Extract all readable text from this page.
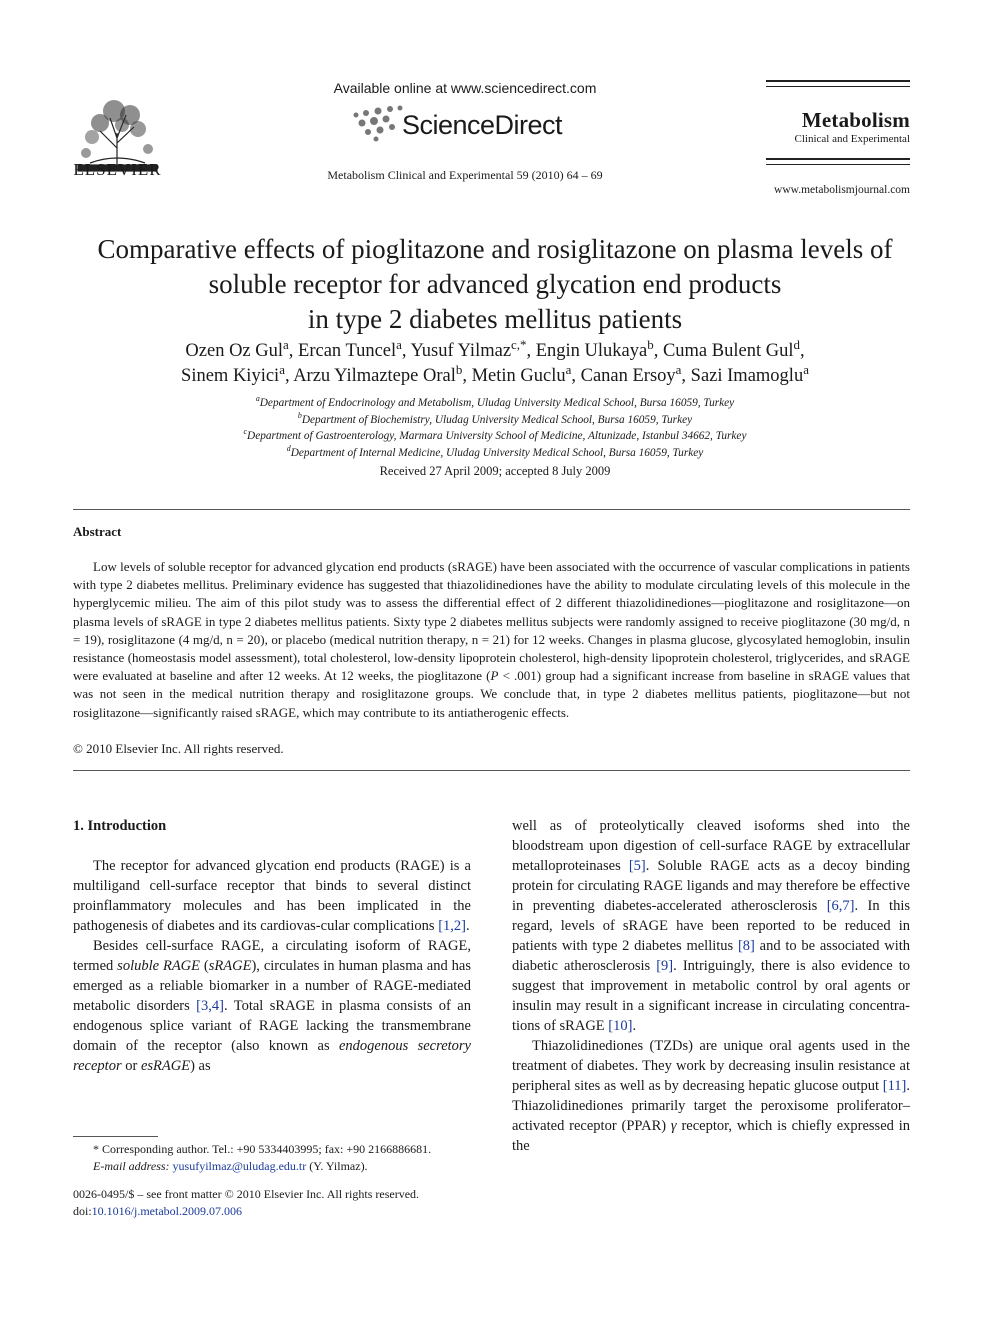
ELSEVIER
Available online at www.sciencedirect.com
ScienceDirect
Metabolism Clinical and Experimental 59 (2010) 64 – 69
Metabolism
Clinical and Experimental
www.metabolismjournal.com
Comparative effects of pioglitazone and rosiglitazone on plasma levels of
soluble receptor for advanced glycation end products
in type 2 diabetes mellitus patients
Ozen Oz Gul$^a$, Ercan Tuncel$^a$, Yusuf Yilmaz$^{c,*}$, Engin Ulukaya$^b$, Cuma Bulent Gul$^d$,
Sinem Kiyici$^a$, Arzu Yilmaztepe Oral$^b$, Metin Guclu$^a$, Canan Ersoy$^a$, Sazi Imamoglu$^a$
$^a$Department of Endocrinology and Metabolism, Uludag University Medical School, Bursa 16059, Turkey
$^b$Department of Biochemistry, Uludag University Medical School, Bursa 16059, Turkey
$^c$Department of Gastroenterology, Marmara University School of Medicine, Altunizade, Istanbul 34662, Turkey
$^d$Department of Internal Medicine, Uludag University Medical School, Bursa 16059, Turkey
Received 27 April 2009; accepted 8 July 2009
Abstract

Low levels of soluble receptor for advanced glycation end products (sRAGE) have been associated with the occurrence of vascular complications in patients with type 2 diabetes mellitus. Preliminary evidence has suggested that thiazolidinediones have the ability to modulate circulating levels of this molecule in the hyperglycemic milieu. The aim of this pilot study was to assess the differential effect of 2 different thiazolidinediones—pioglitazone and rosiglitazone—on plasma levels of sRAGE in type 2 diabetes mellitus patients. Sixty type 2 diabetes mellitus subjects were randomly assigned to receive pioglitazone (30 mg/d, n = 19), rosiglitazone (4 mg/d, n = 20), or placebo (medical nutrition therapy, n = 21) for 12 weeks. Changes in plasma glucose, glycosylated hemoglobin, insulin resistance (homeostasis model assessment), total cholesterol, low-density lipoprotein cholesterol, high-density lipoprotein cholesterol, triglycerides, and sRAGE were evaluated at baseline and after 12 weeks. At 12 weeks, the pioglitazone (P < .001) group had a significant increase from baseline in sRAGE values that was not seen in the medical nutrition therapy and rosiglitazone groups. We conclude that, in type 2 diabetes mellitus patients, pioglitazone—but not rosiglitazone—significantly raised sRAGE, which may contribute to its antiatherogenic effects.

© 2010 Elsevier Inc. All rights reserved.
1. Introduction

The receptor for advanced glycation end products (RAGE) is a multiligand cell-surface receptor that binds to several distinct proinflammatory molecules and has been implicated in the pathogenesis of diabetes and its cardiovas-cular complications [1,2].

Besides cell-surface RAGE, a circulating isoform of RAGE, termed soluble RAGE (sRAGE), circulates in human plasma and has emerged as a reliable biomarker in a number of RAGE-mediated metabolic disorders [3,4]. Total sRAGE in plasma consists of an endogenous splice variant of RAGE lacking the transmembrane domain of the receptor (also known as endogenous secretory receptor or esRAGE) as

well as of proteolytically cleaved isoforms shed into the bloodstream upon digestion of cell-surface RAGE by extracellular metalloproteinases [5]. Soluble RAGE acts as a decoy binding protein for circulating RAGE ligands and may therefore be effective in preventing diabetes-accelerated atherosclerosis [6,7]. In this regard, levels of sRAGE have been reported to be reduced in patients with type 2 diabetes mellitus [8] and to be associated with diabetic atherosclerosis [9]. Intriguingly, there is also evidence to suggest that improvement in metabolic control by oral agents or insulin may result in a significant increase in circulating concentra-tions of sRAGE [10].

Thiazolidinediones (TZDs) are unique oral agents used in the treatment of diabetes. They work by decreasing insulin resistance at peripheral sites as well as by decreasing hepatic glucose output [11]. Thiazolidinediones primarily target the peroxisome proliferator–activated receptor (PPAR) γ receptor, which is chiefly expressed in the

* Corresponding author. Tel.: +90 5334403995; fax: +90 2166886681.

E-mail address: yusufyilmaz@uludag.edu.tr (Y. Yilmaz).

0026-0495/$ – see front matter © 2010 Elsevier Inc. All rights reserved.
doi:10.1016/j.metabol.2009.07.006
